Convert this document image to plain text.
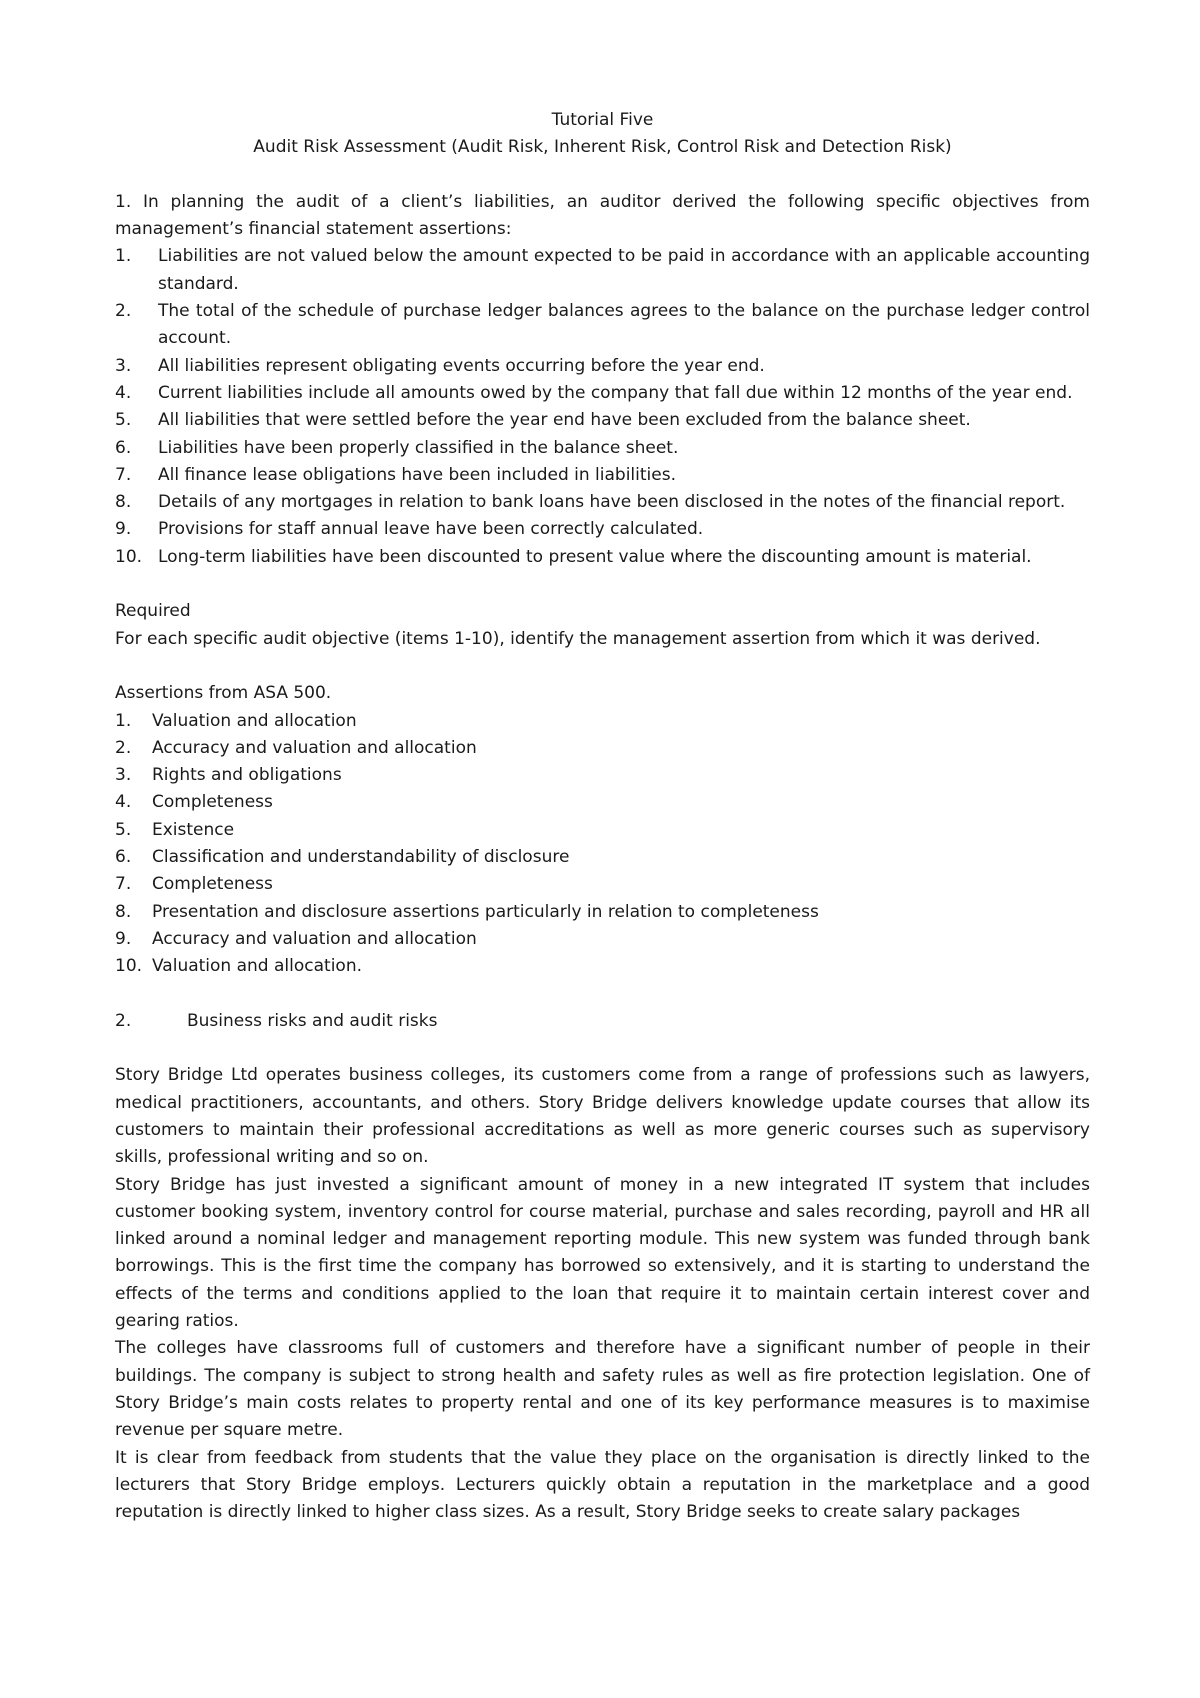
Tutorial Five

Audit Risk Assessment (Audit Risk, Inherent Risk, Control Risk and Detection Risk)

1. In planning the audit of a client’s liabilities, an auditor derived the following specific objectives from management’s financial statement assertions:

1. Liabilities are not valued below the amount expected to be paid in accordance with an applicable accounting standard.
2. The total of the schedule of purchase ledger balances agrees to the balance on the purchase ledger control account.
3. All liabilities represent obligating events occurring before the year end.
4. Current liabilities include all amounts owed by the company that fall due within 12 months of the year end.
5. All liabilities that were settled before the year end have been excluded from the balance sheet.
6. Liabilities have been properly classified in the balance sheet.
7. All finance lease obligations have been included in liabilities.
8. Details of any mortgages in relation to bank loans have been disclosed in the notes of the financial report.
9. Provisions for staff annual leave have been correctly calculated.
10. Long-term liabilities have been discounted to present value where the discounting amount is material.

Required

For each specific audit objective (items 1-10), identify the management assertion from which it was derived.

Assertions from ASA 500.

1. Valuation and allocation
2. Accuracy and valuation and allocation
3. Rights and obligations
4. Completeness
5. Existence
6. Classification and understandability of disclosure
7. Completeness
8. Presentation and disclosure assertions particularly in relation to completeness
9. Accuracy and valuation and allocation
10. Valuation and allocation.

2.	Business risks and audit risks

Story Bridge Ltd operates business colleges, its customers come from a range of professions such as lawyers, medical practitioners, accountants, and others. Story Bridge delivers knowledge update courses that allow its customers to maintain their professional accreditations as well as more generic courses such as supervisory skills, professional writing and so on.

Story Bridge has just invested a significant amount of money in a new integrated IT system that includes customer booking system, inventory control for course material, purchase and sales recording, payroll and HR all linked around a nominal ledger and management reporting module. This new system was funded through bank borrowings. This is the first time the company has borrowed so extensively, and it is starting to understand the effects of the terms and conditions applied to the loan that require it to maintain certain interest cover and gearing ratios.

The colleges have classrooms full of customers and therefore have a significant number of people in their buildings. The company is subject to strong health and safety rules as well as fire protection legislation. One of Story Bridge’s main costs relates to property rental and one of its key performance measures is to maximise revenue per square metre.

It is clear from feedback from students that the value they place on the organisation is directly linked to the lecturers that Story Bridge employs. Lecturers quickly obtain a reputation in the marketplace and a good reputation is directly linked to higher class sizes. As a result, Story Bridge seeks to create salary packages
